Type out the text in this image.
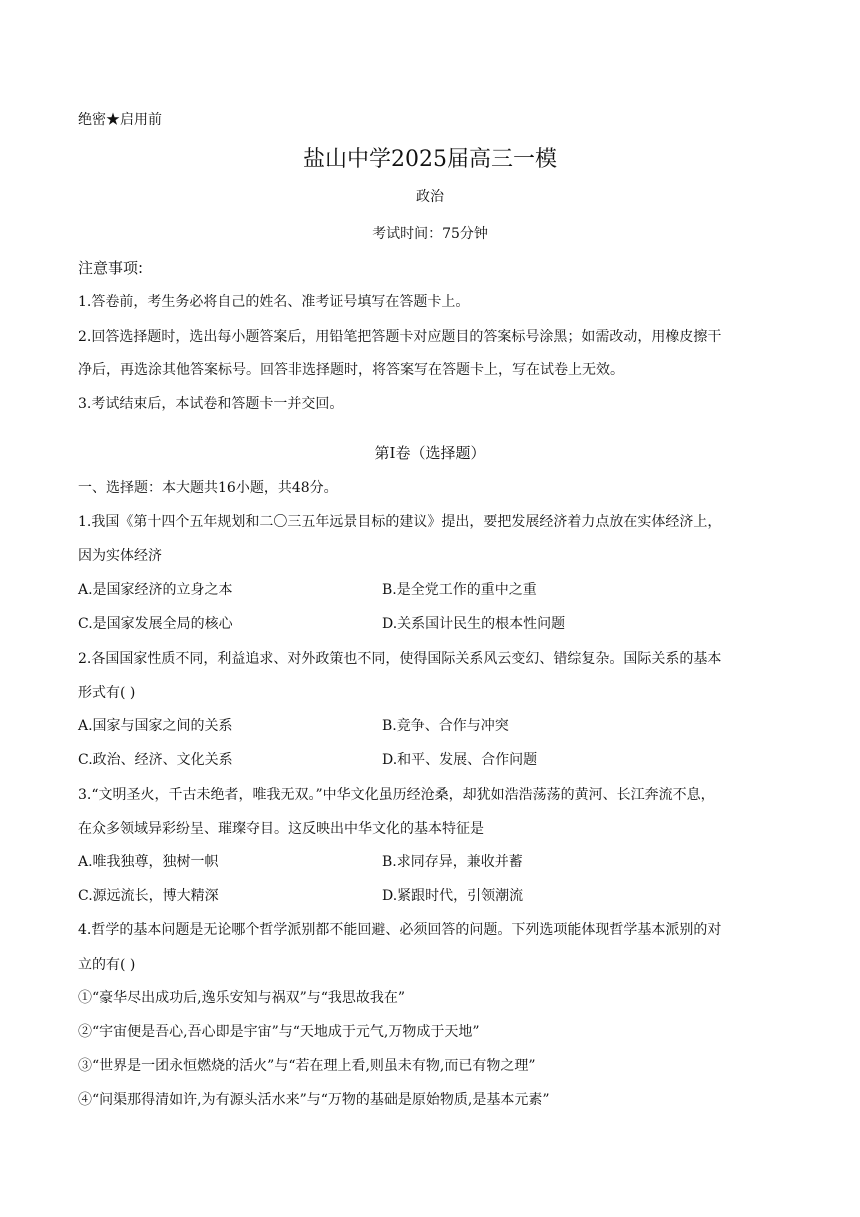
绝密★启用前
盐山中学2025届高三一模
政治
考试时间：75分钟
注意事项:
1.答卷前，考生务必将自己的姓名、准考证号填写在答题卡上。
2.回答选择题时，选出每小题答案后，用铅笔把答题卡对应题目的答案标号涂黑；如需改动，用橡皮擦干
净后，再选涂其他答案标号。回答非选择题时，将答案写在答题卡上，写在试卷上无效。
3.考试结束后，本试卷和答题卡一并交回。
第Ⅰ卷（选择题）
一、选择题：本大题共16小题，共48分。
1.我国《第十四个五年规划和二〇三五年远景目标的建议》提出，要把发展经济着力点放在实体经济上，
因为实体经济
A.是国家经济的立身之本	B.是全党工作的重中之重
C.是国家发展全局的核心	D.关系国计民生的根本性问题
2.各国国家性质不同，利益追求、对外政策也不同，使得国际关系风云变幻、错综复杂。国际关系的基本
形式有( )
A.国家与国家之间的关系	B.竞争、合作与冲突
C.政治、经济、文化关系	D.和平、发展、合作问题
3.“文明圣火，千古未绝者，唯我无双。”中华文化虽历经沧桑，却犹如浩浩荡荡的黄河、长江奔流不息，
在众多领域异彩纷呈、璀璨夺目。这反映出中华文化的基本特征是
A.唯我独尊，独树一帜	B.求同存异，兼收并蓄
C.源远流长，博大精深	D.紧跟时代，引领潮流
4.哲学的基本问题是无论哪个哲学派别都不能回避、必须回答的问题。下列选项能体现哲学基本派别的对
立的有( )
①“豪华尽出成功后,逸乐安知与祸双”与“我思故我在”
②“宇宙便是吾心,吾心即是宇宙”与“天地成于元气,万物成于天地”
③“世界是一团永恒燃烧的活火”与“若在理上看,则虽未有物,而已有物之理”
④“问渠那得清如许,为有源头活水来”与“万物的基础是原始物质,是基本元素”
